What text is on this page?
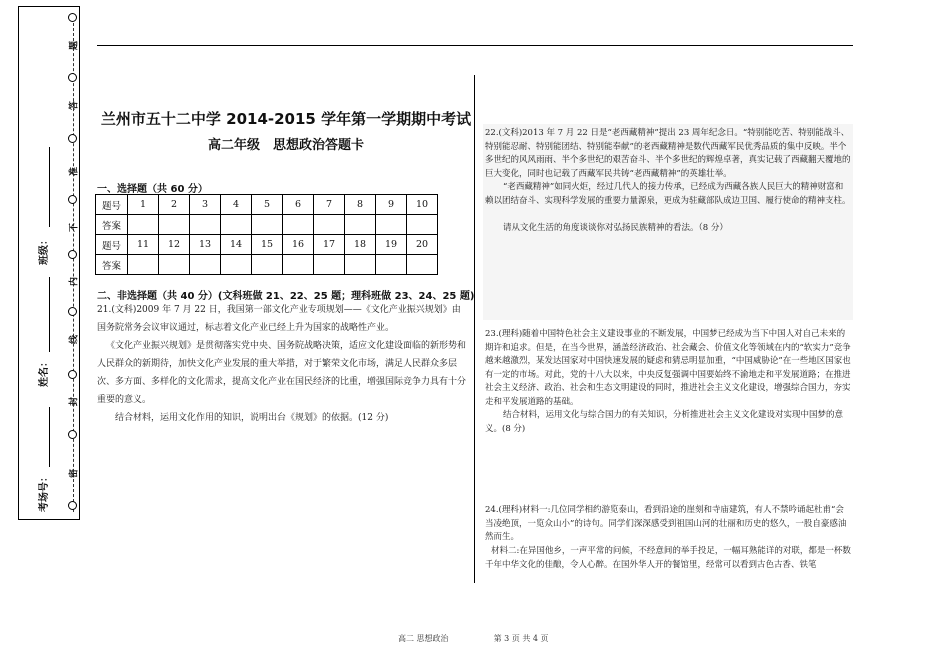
题
答
准
不
内
线
封
密
班级：
姓名：
考场号：
兰州市五十二中学 2014-2015 学年第一学期期中考试
高二年级　思想政治答题卡
一、选择题（共 60 分）
题号	1	2	3	4	5	6	7	8	9	10
答案										
题号	11	12	13	14	15	16	17	18	19	20
答案										
二、非选择题（共 40 分）(文科班做 21、22、25 题；理科班做 23、24、25 题)
21.(文科)2009 年 7 月 22 日，我国第一部文化产业专项规划——《文化产业振兴规划》由国务院常务会议审议通过，标志着文化产业已经上升为国家的战略性产业。
《文化产业振兴规划》是贯彻落实党中央、国务院战略决策，适应文化建设面临的新形势和人民群众的新期待，加快文化产业发展的重大举措，对于繁荣文化市场，满足人民群众多层次、多方面、多样化的文化需求，提高文化产业在国民经济的比重，增强国际竞争力具有十分重要的意义。
结合材料，运用文化作用的知识，说明出台《规划》的依据。(12 分)
22.(文科)2013 年 7 月 22 日是“老西藏精神”提出 23 周年纪念日。“特别能吃苦、特别能战斗、特别能忍耐、特别能团结、特别能奉献”的老西藏精神是数代西藏军民优秀品质的集中反映。半个多世纪的风风雨雨、半个多世纪的艰苦奋斗、半个多世纪的辉煌卓著，真实记载了西藏翻天覆地的巨大变化，同时也记载了西藏军民共铸“老西藏精神”的英雄壮举。
“老西藏精神”如同火炬，经过几代人的接力传承，已经成为西藏各族人民巨大的精神财富和赖以团结奋斗、实现科学发展的重要力量源泉，更成为驻藏部队成边卫国、履行使命的精神支柱。
请从文化生活的角度谈谈你对弘扬民族精神的看法。（8 分）
23.(理科)随着中国特色社会主义建设事业的不断发展，中国梦已经成为当下中国人对自己未来的期许和追求。但是，在当今世界，涵盖经济政治、社会藏会、价值文化等领域在内的“软实力”竞争越来越激烈，某发达国家对中国快速发展的疑虑和猜忌明显加重，“中国威胁论”在一些地区国家也有一定的市场。对此，党的十八大以来，中央反复强调中国要始终不渝地走和平发展道路；在推进社会主义经济、政治、社会和生态文明建设的同时，推进社会主义文化建设，增强综合国力，夯实走和平发展道路的基础。
结合材料，运用文化与综合国力的有关知识，分析推进社会主义文化建设对实现中国梦的意义。(8 分)
24.(理科)材料一:几位同学相约游览泰山，看到沿途的崖刻和寺庙建筑，有人不禁吟诵起杜甫“会当凌绝顶，一览众山小”的诗句。同学们深深感受到祖国山河的壮丽和历史的悠久，一股自豪感油然而生。
材料二:在异国他乡，一声平常的问候，不经意间的举手投足，一幅耳熟能详的对联，都是一杯数千年中华文化的佳酿，令人心醉。在国外华人开的餐馆里，经常可以看到古色古香、铁笔
高二 思想政治	第 3 页 共 4 页
